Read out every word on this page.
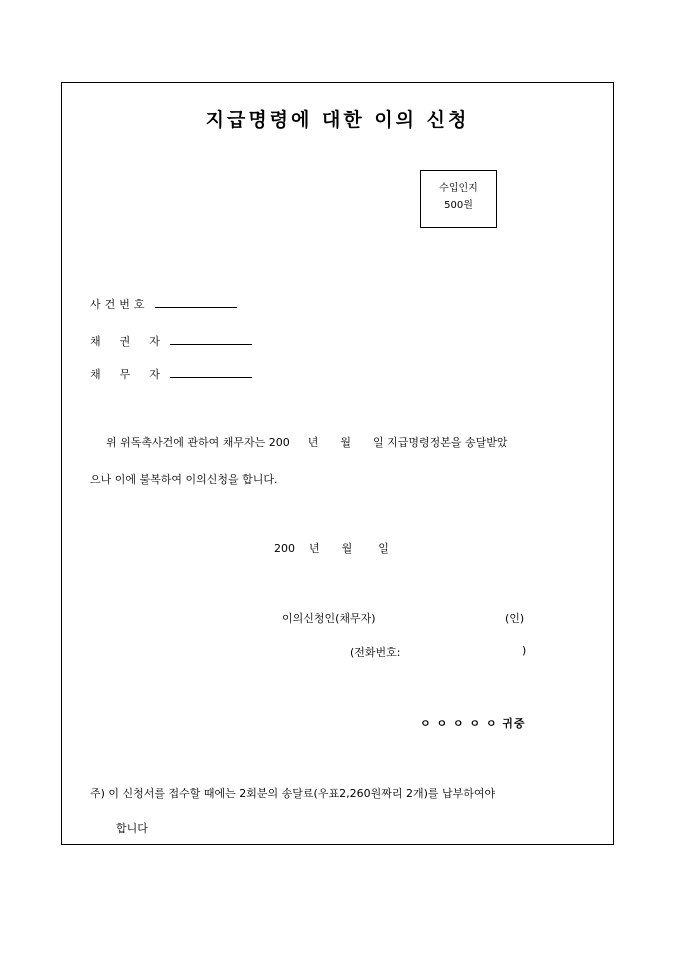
지급명령에 대한 이의 신청
수입인지
500원
사건번호
채  권  자
채  무  자
위 위독촉사건에 관하여 채무자는 200 년 월 일 지급명령정본을 송달받았
으나 이에 불복하여 이의신청을 합니다.
200 년 월 일
이의신청인(채무자)	(인)
(전화번호:	)
ㅇ ㅇ ㅇ ㅇ ㅇ 귀중
주) 이 신청서를 접수할 때에는 2회분의 송달료(우표2,260원짜리 2개)를 납부하여야
합니다
